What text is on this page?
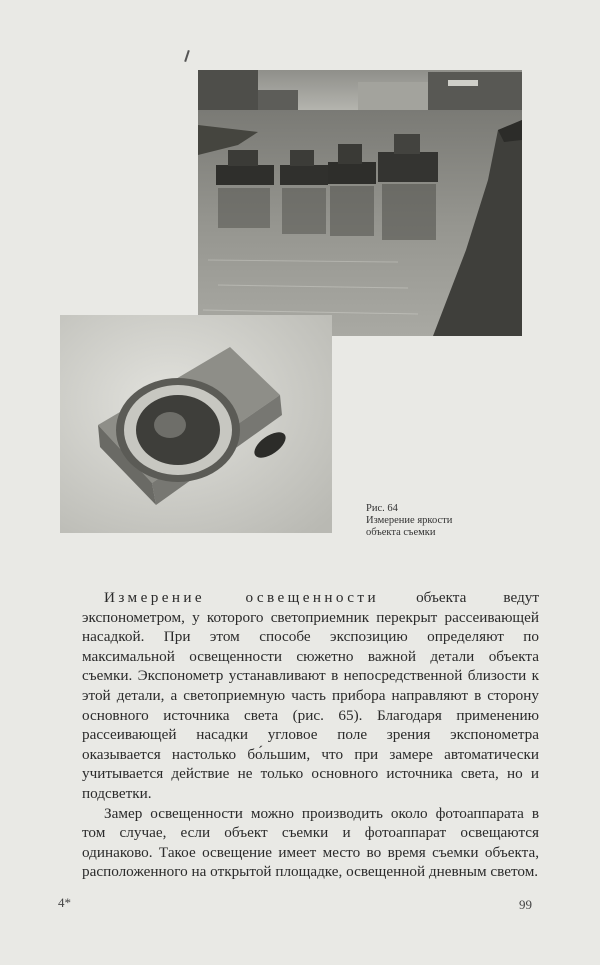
Рис. 64
Измерение яркости
объекта съемки

Измерение освещенности объекта ведут экспонометром, у которого светоприемник перекрыт рассеивающей насадкой. При этом способе экспозицию определяют по максимальной освещенности сюжетно важной детали объекта съемки. Экспонометр устанавливают в непосредственной близости к этой детали, а светоприемную часть прибора направляют в сторону основного источника света (рис. 65). Благодаря применению рассеивающей насадки угловое поле зрения экспонометра оказывается настолько бо́льшим, что при замере автоматически учитывается действие не только основного источника света, но и подсветки.

Замер освещенности можно производить около фотоаппарата в том случае, если объект съемки и фотоаппарат освещаются одинаково. Такое освещение имеет место во время съемки объекта, расположенного на открытой площадке, освещенной дневным светом.

4*	99
